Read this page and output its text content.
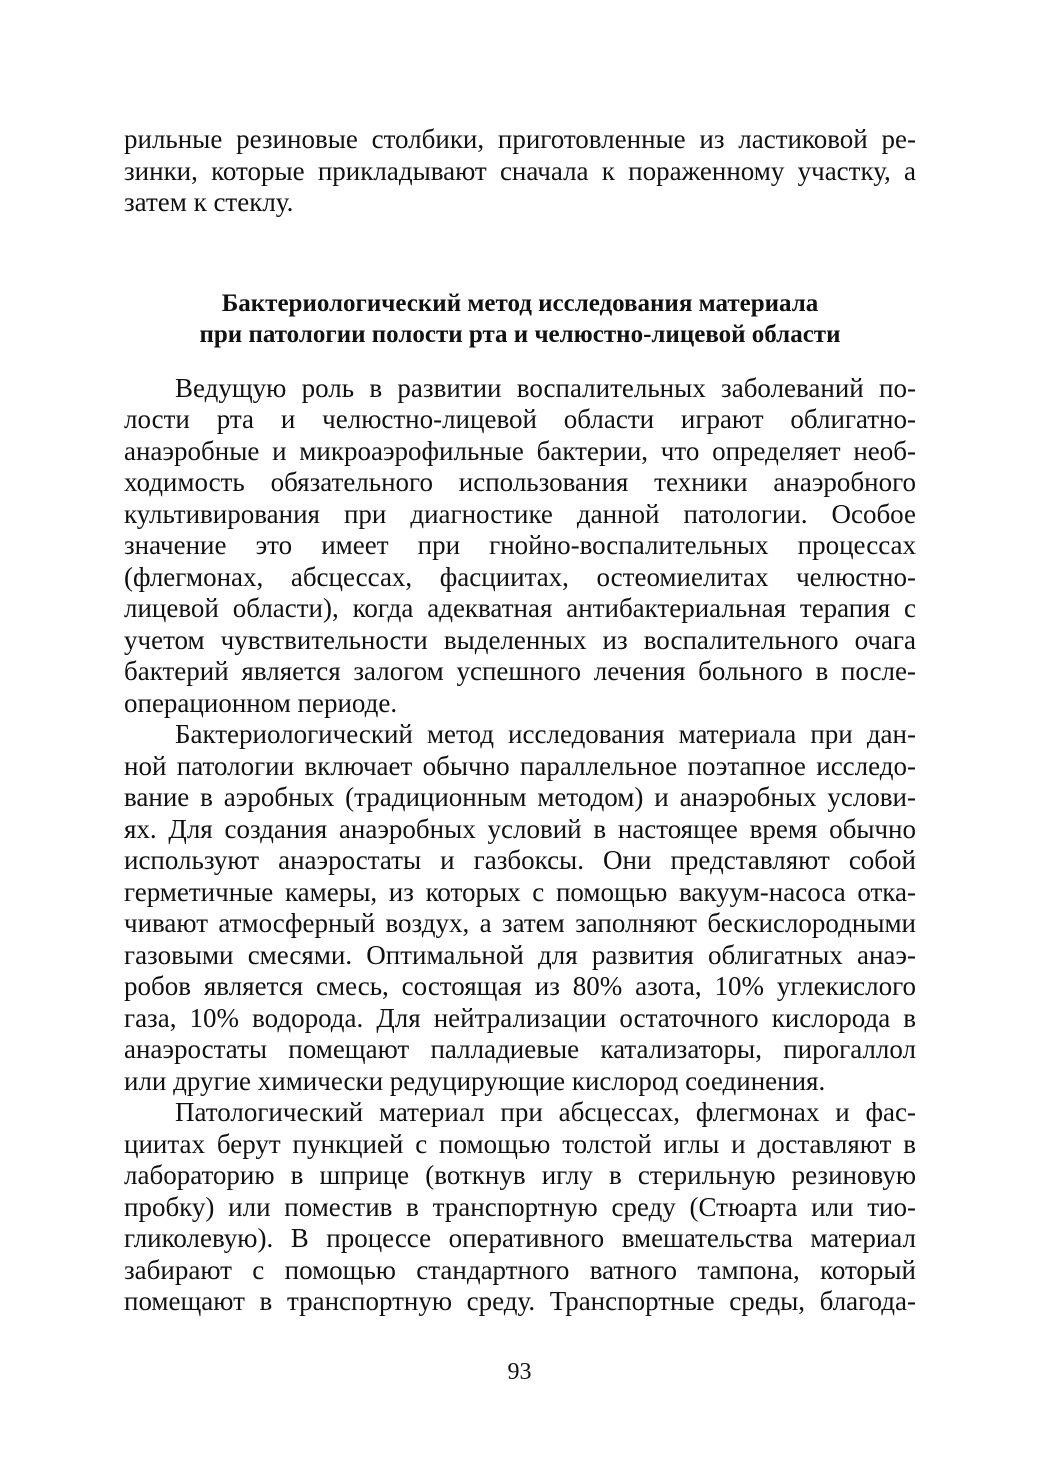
рильные резиновые столбики, приготовленные из ластиковой ре-
зинки, которые прикладывают сначала к пораженному участку, а
затем к стеклу.
Бактериологический метод исследования материала
при патологии полости рта и челюстно-лицевой области
Ведущую роль в развитии воспалительных заболеваний по-
лости рта и челюстно-лицевой области играют облигатно-
анаэробные и микроаэрофильные бактерии, что определяет необ-
ходимость обязательного использования техники анаэробного
культивирования при диагностике данной патологии. Особое
значение это имеет при гнойно-воспалительных процессах
(флегмонах, абсцессах, фасциитах, остеомиелитах челюстно-
лицевой области), когда адекватная антибактериальная терапия с
учетом чувствительности выделенных из воспалительного очага
бактерий является залогом успешного лечения больного в после-
операционном периоде.
Бактериологический метод исследования материала при дан-
ной патологии включает обычно параллельное поэтапное исследо-
вание в аэробных (традиционным методом) и анаэробных услови-
ях. Для создания анаэробных условий в настоящее время обычно
используют анаэростаты и газбоксы. Они представляют собой
герметичные камеры, из которых с помощью вакуум-насоса отка-
чивают атмосферный воздух, а затем заполняют бескислородными
газовыми смесями. Оптимальной для развития облигатных анаэ-
робов является смесь, состоящая из 80% азота, 10% углекислого
газа, 10% водорода. Для нейтрализации остаточного кислорода в
анаэростаты помещают палладиевые катализаторы, пирогаллол
или другие химически редуцирующие кислород соединения.
Патологический материал при абсцессах, флегмонах и фас-
циитах берут пункцией с помощью толстой иглы и доставляют в
лабораторию в шприце (воткнув иглу в стерильную резиновую
пробку) или поместив в транспортную среду (Стюарта или тио-
гликолевую). В процессе оперативного вмешательства материал
забирают с помощью стандартного ватного тампона, который
помещают в транспортную среду. Транспортные среды, благода-
93
